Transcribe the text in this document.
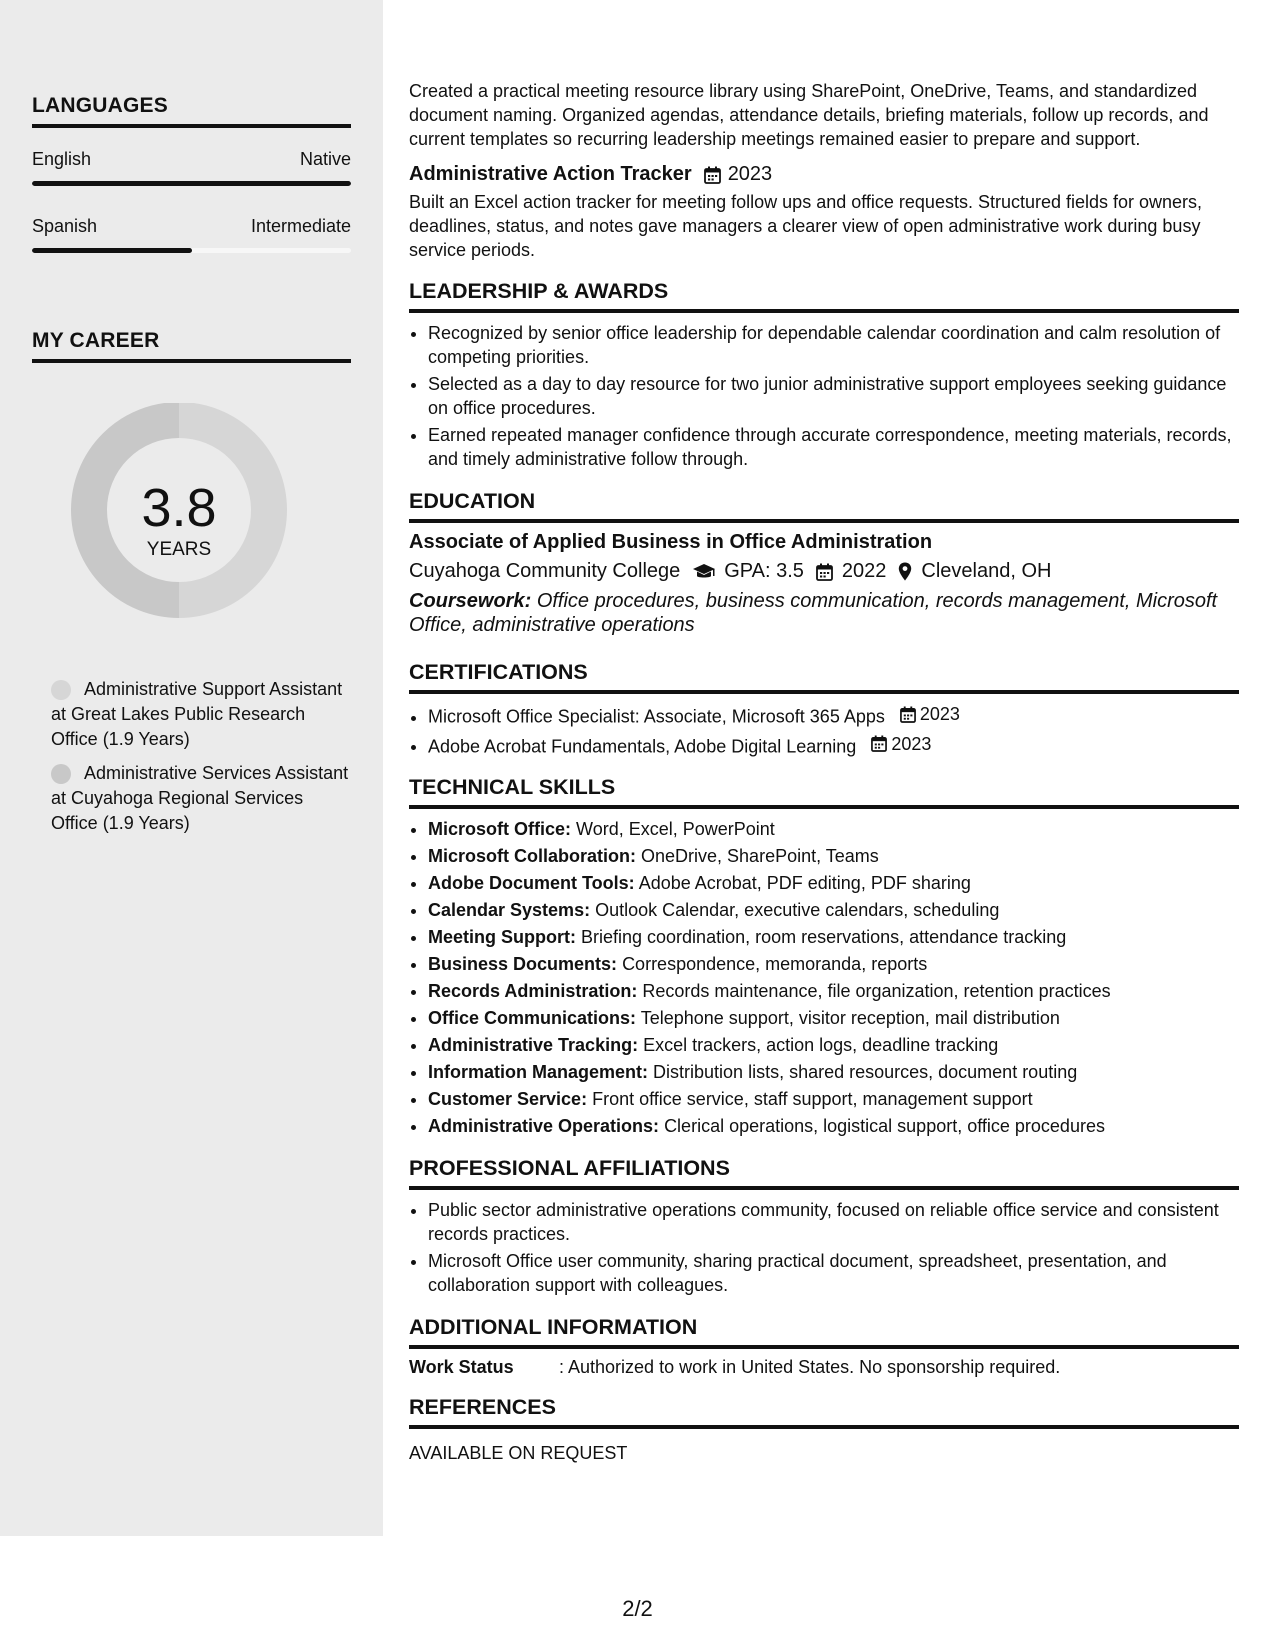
LANGUAGES
English	Native
Spanish	Intermediate
MY CAREER
3.8
YEARS
Administrative Support Assistant at Great Lakes Public Research Office (1.9 Years)
Administrative Services Assistant at Cuyahoga Regional Services Office (1.9 Years)

Created a practical meeting resource library using SharePoint, OneDrive, Teams, and standardized document naming. Organized agendas, attendance details, briefing materials, follow up records, and current templates so recurring leadership meetings remained easier to prepare and support.

Administrative Action Tracker 2023

Built an Excel action tracker for meeting follow ups and office requests. Structured fields for owners, deadlines, status, and notes gave managers a clearer view of open administrative work during busy service periods.

LEADERSHIP & AWARDS
• Recognized by senior office leadership for dependable calendar coordination and calm resolution of competing priorities.
• Selected as a day to day resource for two junior administrative support employees seeking guidance on office procedures.
• Earned repeated manager confidence through accurate correspondence, meeting materials, records, and timely administrative follow through.
EDUCATION
Associate of Applied Business in Office Administration
Cuyahoga Community College GPA: 3.5 2022 Cleveland, OH
Coursework: Office procedures, business communication, records management, Microsoft Office, administrative operations
CERTIFICATIONS
• Microsoft Office Specialist: Associate, Microsoft 365 Apps 2023
• Adobe Acrobat Fundamentals, Adobe Digital Learning 2023
TECHNICAL SKILLS
• Microsoft Office: Word, Excel, PowerPoint
• Microsoft Collaboration: OneDrive, SharePoint, Teams
• Adobe Document Tools: Adobe Acrobat, PDF editing, PDF sharing
• Calendar Systems: Outlook Calendar, executive calendars, scheduling
• Meeting Support: Briefing coordination, room reservations, attendance tracking
• Business Documents: Correspondence, memoranda, reports
• Records Administration: Records maintenance, file organization, retention practices
• Office Communications: Telephone support, visitor reception, mail distribution
• Administrative Tracking: Excel trackers, action logs, deadline tracking
• Information Management: Distribution lists, shared resources, document routing
• Customer Service: Front office service, staff support, management support
• Administrative Operations: Clerical operations, logistical support, office procedures
PROFESSIONAL AFFILIATIONS
• Public sector administrative operations community, focused on reliable office service and consistent records practices.
• Microsoft Office user community, sharing practical document, spreadsheet, presentation, and collaboration support with colleagues.
ADDITIONAL INFORMATION
Work Status	: Authorized to work in United States. No sponsorship required.
REFERENCES
AVAILABLE ON REQUEST
2/2
